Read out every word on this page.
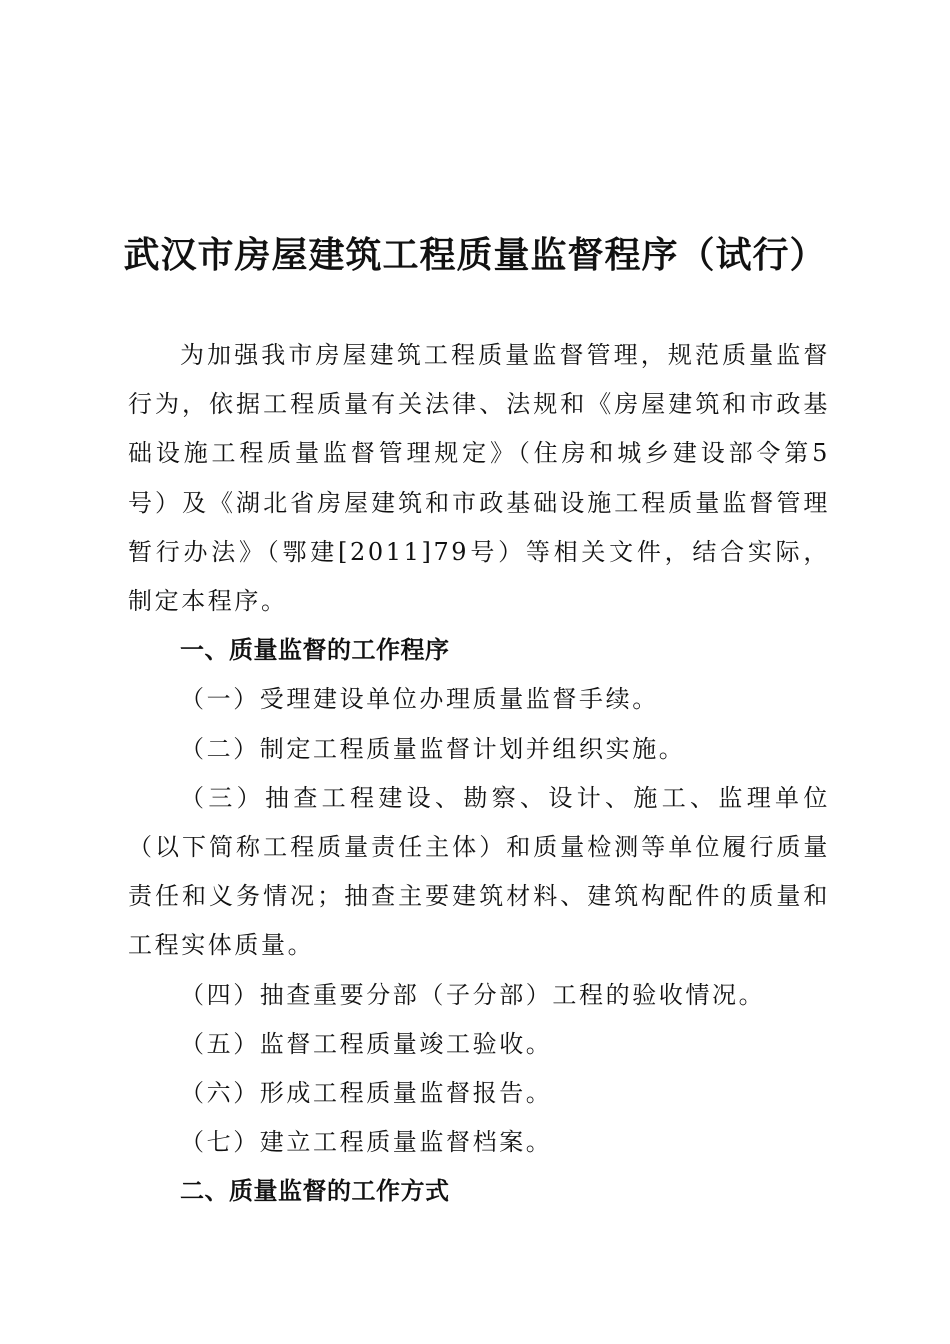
武汉市房屋建筑工程质量监督程序（试行）

为加强我市房屋建筑工程质量监督管理，规范质量监督行为，依据工程质量有关法律、法规和《房屋建筑和市政基础设施工程质量监督管理规定》（住房和城乡建设部令第5号）及《湖北省房屋建筑和市政基础设施工程质量监督管理暂行办法》（鄂建[2011]79号）等相关文件，结合实际，制定本程序。

一、质量监督的工作程序

（一）受理建设单位办理质量监督手续。

（二）制定工程质量监督计划并组织实施。

（三）抽查工程建设、勘察、设计、施工、监理单位（以下简称工程质量责任主体）和质量检测等单位履行质量责任和义务情况；抽查主要建筑材料、建筑构配件的质量和工程实体质量。

（四）抽查重要分部（子分部）工程的验收情况。

（五）监督工程质量竣工验收。

（六）形成工程质量监督报告。

（七）建立工程质量监督档案。

二、质量监督的工作方式
